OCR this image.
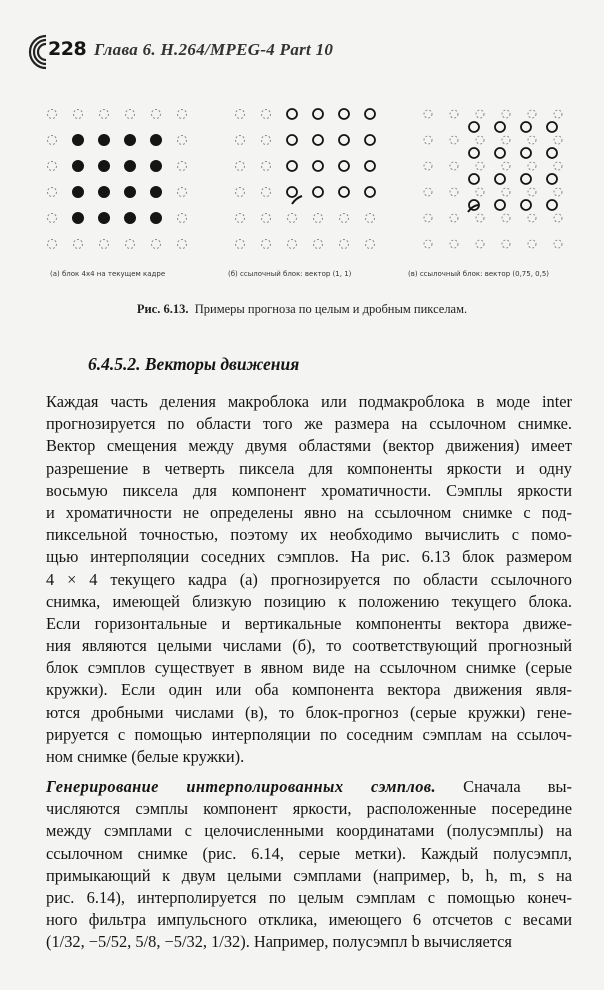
228 Глава 6. H.264/MPEG-4 Part 10
(а) блок 4х4 на текущем кадре	(б) ссылочный блок: вектор (1, 1)	(в) ссылочный блок: вектор (0,75, 0,5)
Рис. 6.13. Примеры прогноза по целым и дробным пикселам.
6.4.5.2. Векторы движения
Каждая часть деления макроблока или подмакроблока в моде inter
прогнозируется по области того же размера на ссылочном снимке.
Вектор смещения между двумя областями (вектор движения) имеет
разрешение в четверть пиксела для компоненты яркости и одну
восьмую пиксела для компонент хроматичности. Сэмплы яркости
и хроматичности не определены явно на ссылочном снимке с под-
пиксельной точностью, поэтому их необходимо вычислить с помо-
щью интерполяции соседних сэмплов. На рис. 6.13 блок размером
4 × 4 текущего кадра (а) прогнозируется по области ссылочного
снимка, имеющей близкую позицию к положению текущего блока.
Если горизонтальные и вертикальные компоненты вектора движе-
ния являются целыми числами (б), то соответствующий прогнозный
блок сэмплов существует в явном виде на ссылочном снимке (серые
кружки). Если один или оба компонента вектора движения явля-
ются дробными числами (в), то блок-прогноз (серые кружки) гене-
рируется с помощью интерполяции по соседним сэмплам на ссылоч-
ном снимке (белые кружки).
Генерирование интерполированных сэмплов. Сначала вы-
числяются сэмплы компонент яркости, расположенные посередине
между сэмплами с целочисленными координатами (полусэмплы) на
ссылочном снимке (рис. 6.14, серые метки). Каждый полусэмпл,
примыкающий к двум целыми сэмплами (например, b, h, m, s на
рис. 6.14), интерполируется по целым сэмплам с помощью конеч-
ного фильтра импульсного отклика, имеющего 6 отсчетов с весами
(1/32, −5/52, 5/8, −5/32, 1/32). Например, полусэмпл b вычисляется
